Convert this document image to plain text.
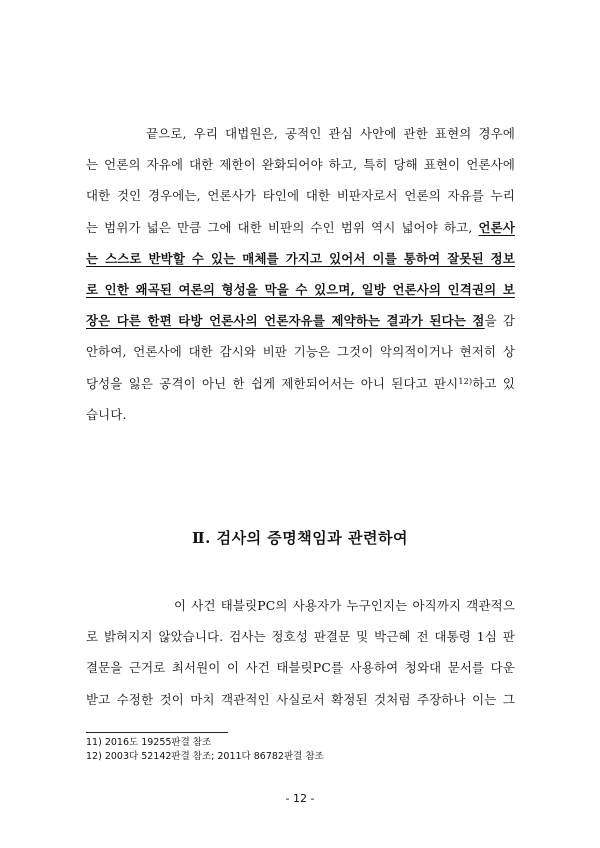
끝으로, 우리 대법원은, 공적인 관심 사안에 관한 표현의 경우에
는 언론의 자유에 대한 제한이 완화되어야 하고, 특히 당해 표현이 언론사에
대한 것인 경우에는, 언론사가 타인에 대한 비판자로서 언론의 자유를 누리
는 범위가 넓은 만큼 그에 대한 비판의 수인 범위 역시 넓어야 하고, 언론사
는 스스로 반박할 수 있는 매체를 가지고 있어서 이를 통하여 잘못된 정보
로 인한 왜곡된 여론의 형성을 막을 수 있으며, 일방 언론사의 인격권의 보
장은 다른 한편 타방 언론사의 언론자유를 제약하는 결과가 된다는 점을 감
안하여, 언론사에 대한 감시와 비판 기능은 그것이 악의적이거나 현저히 상
당성을 잃은 공격이 아닌 한 쉽게 제한되어서는 아니 된다고 판시$^{12)}$하고 있
습니다.
Ⅱ. 검사의 증명책임과 관련하여
이 사건 태블릿PC의 사용자가 누구인지는 아직까지 객관적으
로 밝혀지지 않았습니다. 검사는 정호성 판결문 및 박근혜 전 대통령 1심 판
결문을 근거로 최서원이 이 사건 태블릿PC를 사용하여 청와대 문서를 다운
받고 수정한 것이 마치 객관적인 사실로서 확정된 것처럼 주장하나 이는 그
11) 2016도 19255판결 참조
12) 2003다 52142판결 참조; 2011다 86782판결 참조
- 12 -
